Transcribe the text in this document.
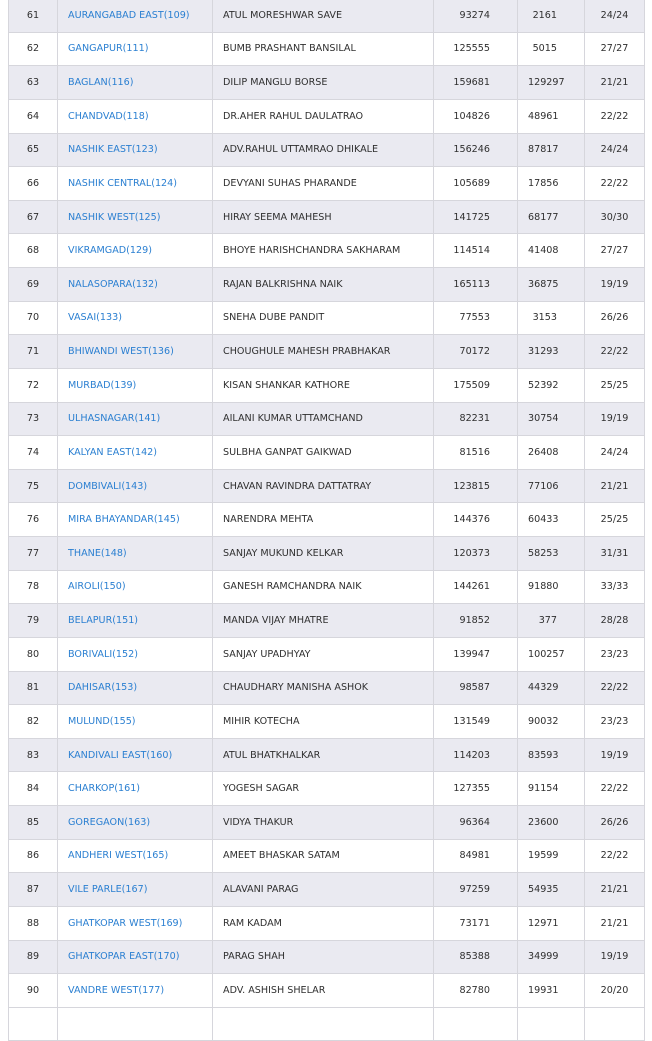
61	AURANGABAD EAST(109)	ATUL MORESHWAR SAVE	93274	2161	24/24
62	GANGAPUR(111)	BUMB PRASHANT BANSILAL	125555	5015	27/27
63	BAGLAN(116)	DILIP MANGLU BORSE	159681	129297	21/21
64	CHANDVAD(118)	DR.AHER RAHUL DAULATRAO	104826	48961	22/22
65	NASHIK EAST(123)	ADV.RAHUL UTTAMRAO DHIKALE	156246	87817	24/24
66	NASHIK CENTRAL(124)	DEVYANI SUHAS PHARANDE	105689	17856	22/22
67	NASHIK WEST(125)	HIRAY SEEMA MAHESH	141725	68177	30/30
68	VIKRAMGAD(129)	BHOYE HARISHCHANDRA SAKHARAM	114514	41408	27/27
69	NALASOPARA(132)	RAJAN BALKRISHNA NAIK	165113	36875	19/19
70	VASAI(133)	SNEHA DUBE PANDIT	77553	3153	26/26
71	BHIWANDI WEST(136)	CHOUGHULE MAHESH PRABHAKAR	70172	31293	22/22
72	MURBAD(139)	KISAN SHANKAR KATHORE	175509	52392	25/25
73	ULHASNAGAR(141)	AILANI KUMAR UTTAMCHAND	82231	30754	19/19
74	KALYAN EAST(142)	SULBHA GANPAT GAIKWAD	81516	26408	24/24
75	DOMBIVALI(143)	CHAVAN RAVINDRA DATTATRAY	123815	77106	21/21
76	MIRA BHAYANDAR(145)	NARENDRA MEHTA	144376	60433	25/25
77	THANE(148)	SANJAY MUKUND KELKAR	120373	58253	31/31
78	AIROLI(150)	GANESH RAMCHANDRA NAIK	144261	91880	33/33
79	BELAPUR(151)	MANDA VIJAY MHATRE	91852	377	28/28
80	BORIVALI(152)	SANJAY UPADHYAY	139947	100257	23/23
81	DAHISAR(153)	CHAUDHARY MANISHA ASHOK	98587	44329	22/22
82	MULUND(155)	MIHIR KOTECHA	131549	90032	23/23
83	KANDIVALI EAST(160)	ATUL BHATKHALKAR	114203	83593	19/19
84	CHARKOP(161)	YOGESH SAGAR	127355	91154	22/22
85	GOREGAON(163)	VIDYA THAKUR	96364	23600	26/26
86	ANDHERI WEST(165)	AMEET BHASKAR SATAM	84981	19599	22/22
87	VILE PARLE(167)	ALAVANI PARAG	97259	54935	21/21
88	GHATKOPAR WEST(169)	RAM KADAM	73171	12971	21/21
89	GHATKOPAR EAST(170)	PARAG SHAH	85388	34999	19/19
90	VANDRE WEST(177)	ADV. ASHISH SHELAR	82780	19931	20/20
